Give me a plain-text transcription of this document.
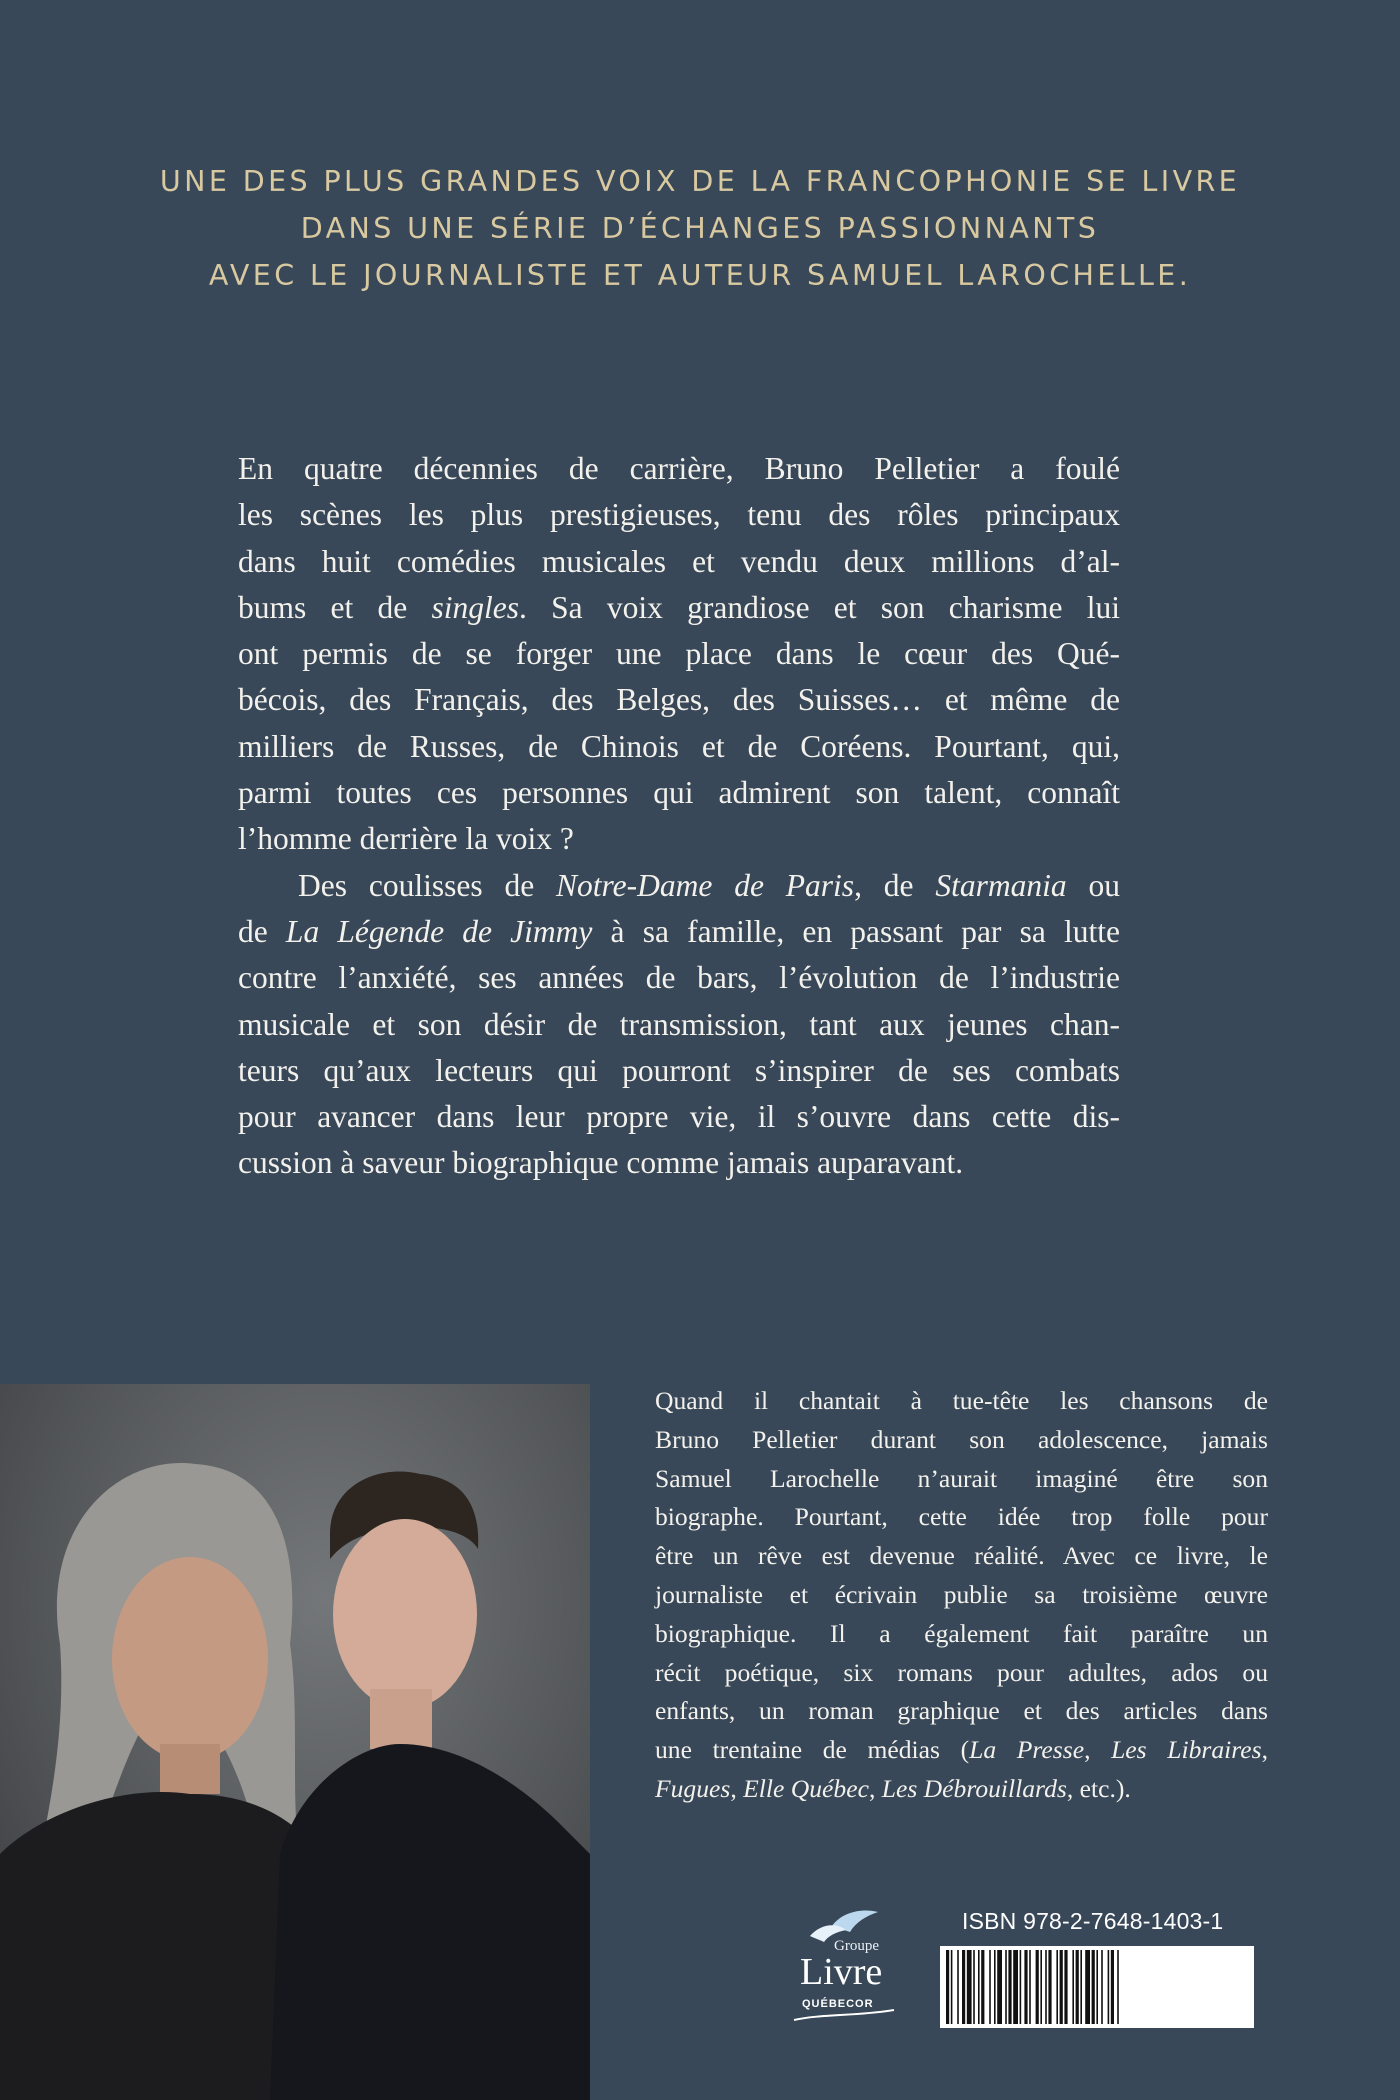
UNE DES PLUS GRANDES VOIX DE LA FRANCOPHONIE SE LIVRE
DANS UNE SÉRIE D’ÉCHANGES PASSIONNANTS
AVEC LE JOURNALISTE ET AUTEUR SAMUEL LAROCHELLE.
En quatre décennies de carrière, Bruno Pelletier a foulé
les scènes les plus prestigieuses, tenu des rôles principaux
dans huit comédies musicales et vendu deux millions d’al-
bums et de singles. Sa voix grandiose et son charisme lui
ont permis de se forger une place dans le cœur des Qué-
bécois, des Français, des Belges, des Suisses… et même de
milliers de Russes, de Chinois et de Coréens. Pourtant, qui,
parmi toutes ces personnes qui admirent son talent, connaît
l’homme derrière la voix ?
Des coulisses de Notre-Dame de Paris, de Starmania ou
de La Légende de Jimmy à sa famille, en passant par sa lutte
contre l’anxiété, ses années de bars, l’évolution de l’industrie
musicale et son désir de transmission, tant aux jeunes chan-
teurs qu’aux lecteurs qui pourront s’inspirer de ses combats
pour avancer dans leur propre vie, il s’ouvre dans cette dis-
cussion à saveur biographique comme jamais auparavant.
Quand il chantait à tue-tête les chansons de
Bruno Pelletier durant son adolescence, jamais
Samuel Larochelle n’aurait imaginé être son
biographe. Pourtant, cette idée trop folle pour
être un rêve est devenue réalité. Avec ce livre, le
journaliste et écrivain publie sa troisième œuvre
biographique. Il a également fait paraître un
récit poétique, six romans pour adultes, ados ou
enfants, un roman graphique et des articles dans
une trentaine de médias (La Presse, Les Libraires,
Fugues, Elle Québec, Les Débrouillards, etc.).
Groupe
Livre
QUÉBECOR
ISBN 978-2-7648-1403-1
